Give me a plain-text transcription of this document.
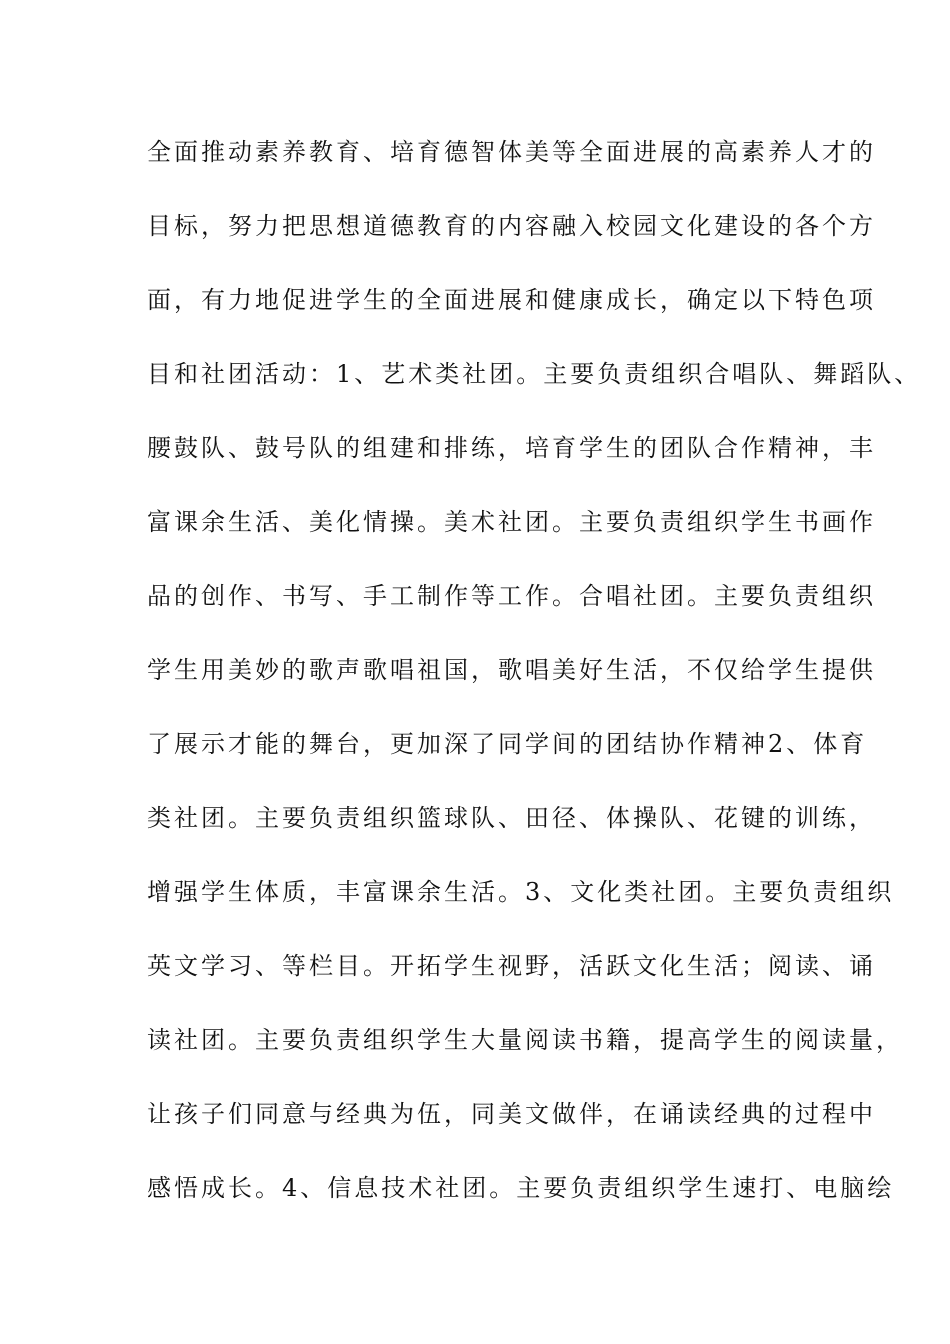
全面推动素养教育、培育德智体美等全面进展的高素养人才的
目标，努力把思想道德教育的内容融入校园文化建设的各个方
面，有力地促进学生的全面进展和健康成长，确定以下特色项
目和社团活动：1、艺术类社团。主要负责组织合唱队、舞蹈队、
腰鼓队、鼓号队的组建和排练，培育学生的团队合作精神，丰
富课余生活、美化情操。美术社团。主要负责组织学生书画作
品的创作、书写、手工制作等工作。合唱社团。主要负责组织
学生用美妙的歌声歌唱祖国，歌唱美好生活，不仅给学生提供
了展示才能的舞台，更加深了同学间的团结协作精神2、体育
类社团。主要负责组织篮球队、田径、体操队、花键的训练，
增强学生体质，丰富课余生活。3、文化类社团。主要负责组织
英文学习、等栏目。开拓学生视野，活跃文化生活；阅读、诵
读社团。主要负责组织学生大量阅读书籍，提高学生的阅读量，
让孩子们同意与经典为伍，同美文做伴，在诵读经典的过程中
感悟成长。4、信息技术社团。主要负责组织学生速打、电脑绘
